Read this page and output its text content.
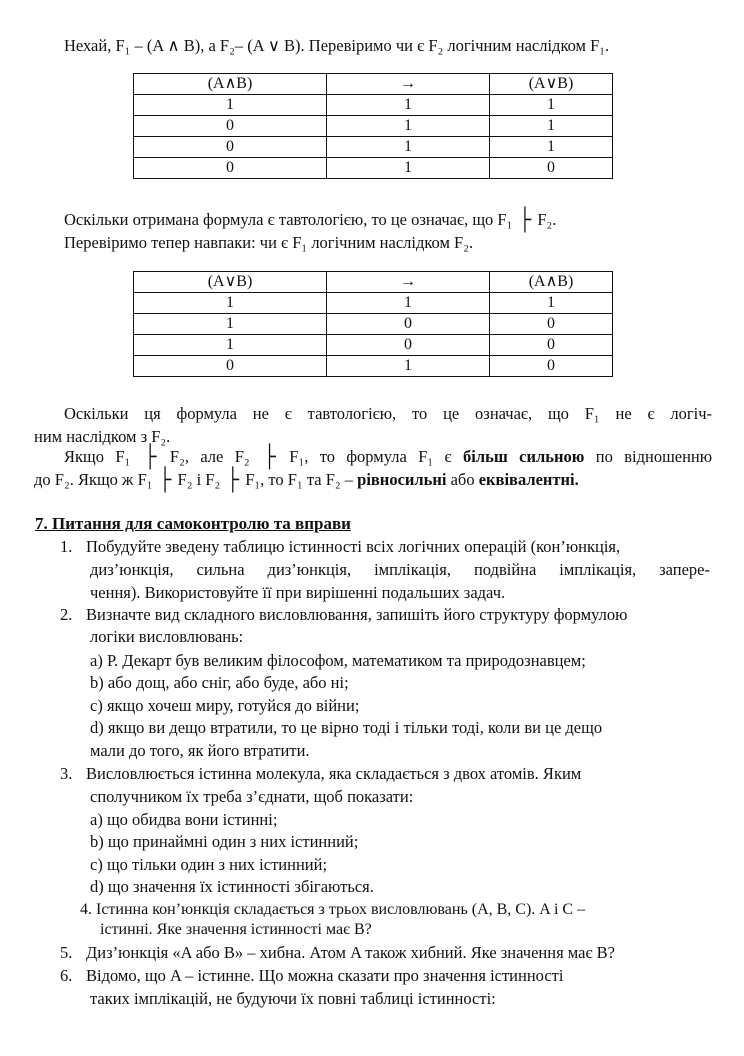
Нехай, F₁ – (A ∧ B), а F₂– (A ∨ B). Перевіримо чи є F₂ логічним наслідком F₁.
(A∧B)	→	(A∨B)
1	1	1
0	1	1
0	1	1
0	1	0
Оскільки отримана формула є тавтологією, то це означає, що F₁ ├ F₂.
Перевіримо тепер навпаки: чи є F₁ логічним наслідком F₂.
(A∨B)	→	(A∧B)
1	1	1
1	0	0
1	0	0
0	1	0
Оскільки ця формула не є тавтологією, то це означає, що F₁ не є логіч-
ним наслідком з F₂.
Якщо F₁ ├ F₂, але F₂ ├ F₁, то формула F₁ є більш сильною по відношенню
до F₂. Якщо ж F₁ ├ F₂ і F₂ ├ F₁, то F₁ та F₂ – рівносильні або еквівалентні.
7. Питання для самоконтролю та вправи
1. Побудуйте зведену таблицю істинності всіх логічних операцій (кон’юнкція,
диз’юнкція, сильна диз’юнкція, імплікація, подвійна імплікація, запере-
чення). Використовуйте її при вирішенні подальших задач.
2. Визначте вид складного висловлювання, запишіть його структуру формулою
логіки висловлювань:
а) Р. Декарт був великим філософом, математиком та природознавцем;
b) або дощ, або сніг, або буде, або ні;
c) якщо хочеш миру, готуйся до війни;
d) якщо ви дещо втратили, то це вірно тоді і тільки тоді, коли ви це дещо
мали до того, як його втратити.
3. Висловлюється істинна молекула, яка складається з двох атомів. Яким
сполучником їх треба з’єднати, щоб показати:
а) що обидва вони істинні;
b) що принаймні один з них істинний;
c) що тільки один з них істинний;
d) що значення їх істинності збігаються.
4. Істинна кон’юнкція складається з трьох висловлювань (A, B, C). A і C –
істинні. Яке значення істинності має B?
5. Диз’юнкція «A або B» – хибна. Атом A також хибний. Яке значення має B?
6. Відомо, що A – істинне. Що можна сказати про значення істинності
таких імплікацій, не будуючи їх повні таблиці істинності:
